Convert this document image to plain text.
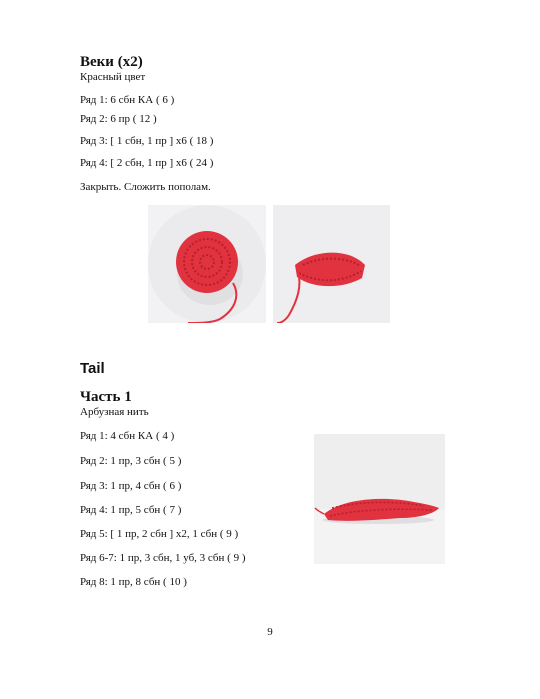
Веки (х2)
Красный цвет
Ряд 1: 6 сбн КА ( 6 )
Ряд 2: 6 пр ( 12 )
Ряд 3: [ 1 сбн, 1 пр ] х6 ( 18 )
Ряд 4: [ 2 сбн, 1 пр ] х6 ( 24 )
Закрыть. Сложить пополам.
Tail
Часть 1
Арбузная нить
Ряд 1: 4 сбн КА ( 4 )
Ряд 2: 1 пр, 3 сбн ( 5 )
Ряд 3: 1 пр, 4 сбн ( 6 )
Ряд 4: 1 пр, 5 сбн ( 7 )
Ряд 5: [ 1 пр, 2 сбн ] х2, 1 сбн ( 9 )
Ряд 6-7: 1 пр, 3 сбн, 1 уб, 3 сбн ( 9 )
Ряд 8: 1 пр, 8 сбн ( 10 )
9
